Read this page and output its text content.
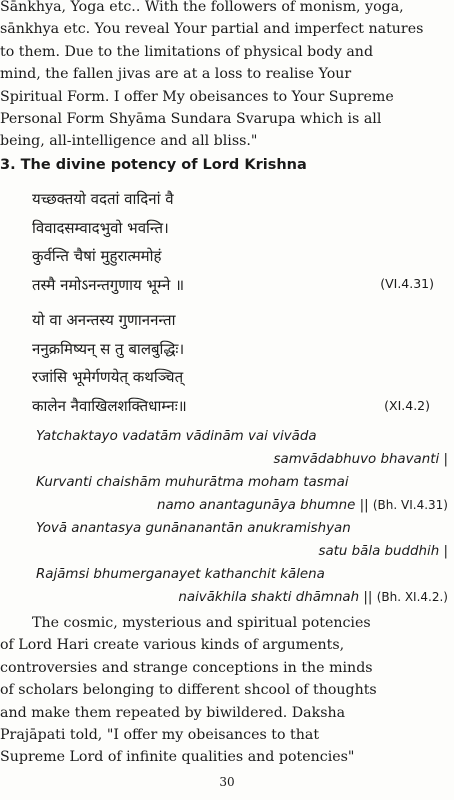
Sānkhya, Yoga etc.. With the followers of monism, yoga,
sānkhya etc. You reveal Your partial and imperfect natures
to them. Due to the limitations of physical body and
mind, the fallen jivas are at a loss to realise Your
Spiritual Form. I offer My obeisances to Your Supreme
Personal Form Shyāma Sundara Svarupa which is all
being, all-intelligence and all bliss."
3. The divine potency of Lord Krishna
यच्छक्तयो वदतां वादिनां वै
विवादसम्वादभुवो भवन्ति।
कुर्वन्ति चैषां मुहुरात्ममोहं
तस्मै नमोऽनन्तगुणाय भूम्ने ॥	(VI.4.31)
यो वा अनन्तस्य गुणाननन्ता
ननुक्रमिष्यन् स तु बालबुद्धिः।
रजांसि भूमेर्गणयेत् कथञ्चित्
कालेन नैवाखिलशक्तिधाम्नः॥	(XI.4.2)
Yatchaktayo vadatām vādinām vai vivāda
samvādabhuvo bhavanti |
Kurvanti chaishām muhurātma moham tasmai
namo anantagunāya bhumne || (Bh. VI.4.31)
Yovā anantasya gunānanantān anukramishyan
satu bāla buddhih |
Rajāmsi bhumerganayet kathanchit kālena
naivākhila shakti dhāmnah || (Bh. XI.4.2.)
The cosmic, mysterious and spiritual potencies
of Lord Hari create various kinds of arguments,
controversies and strange conceptions in the minds
of scholars belonging to different shcool of thoughts
and make them repeated by biwildered. Daksha
Prajāpati told, "I offer my obeisances to that
Supreme Lord of infinite qualities and potencies"
30
